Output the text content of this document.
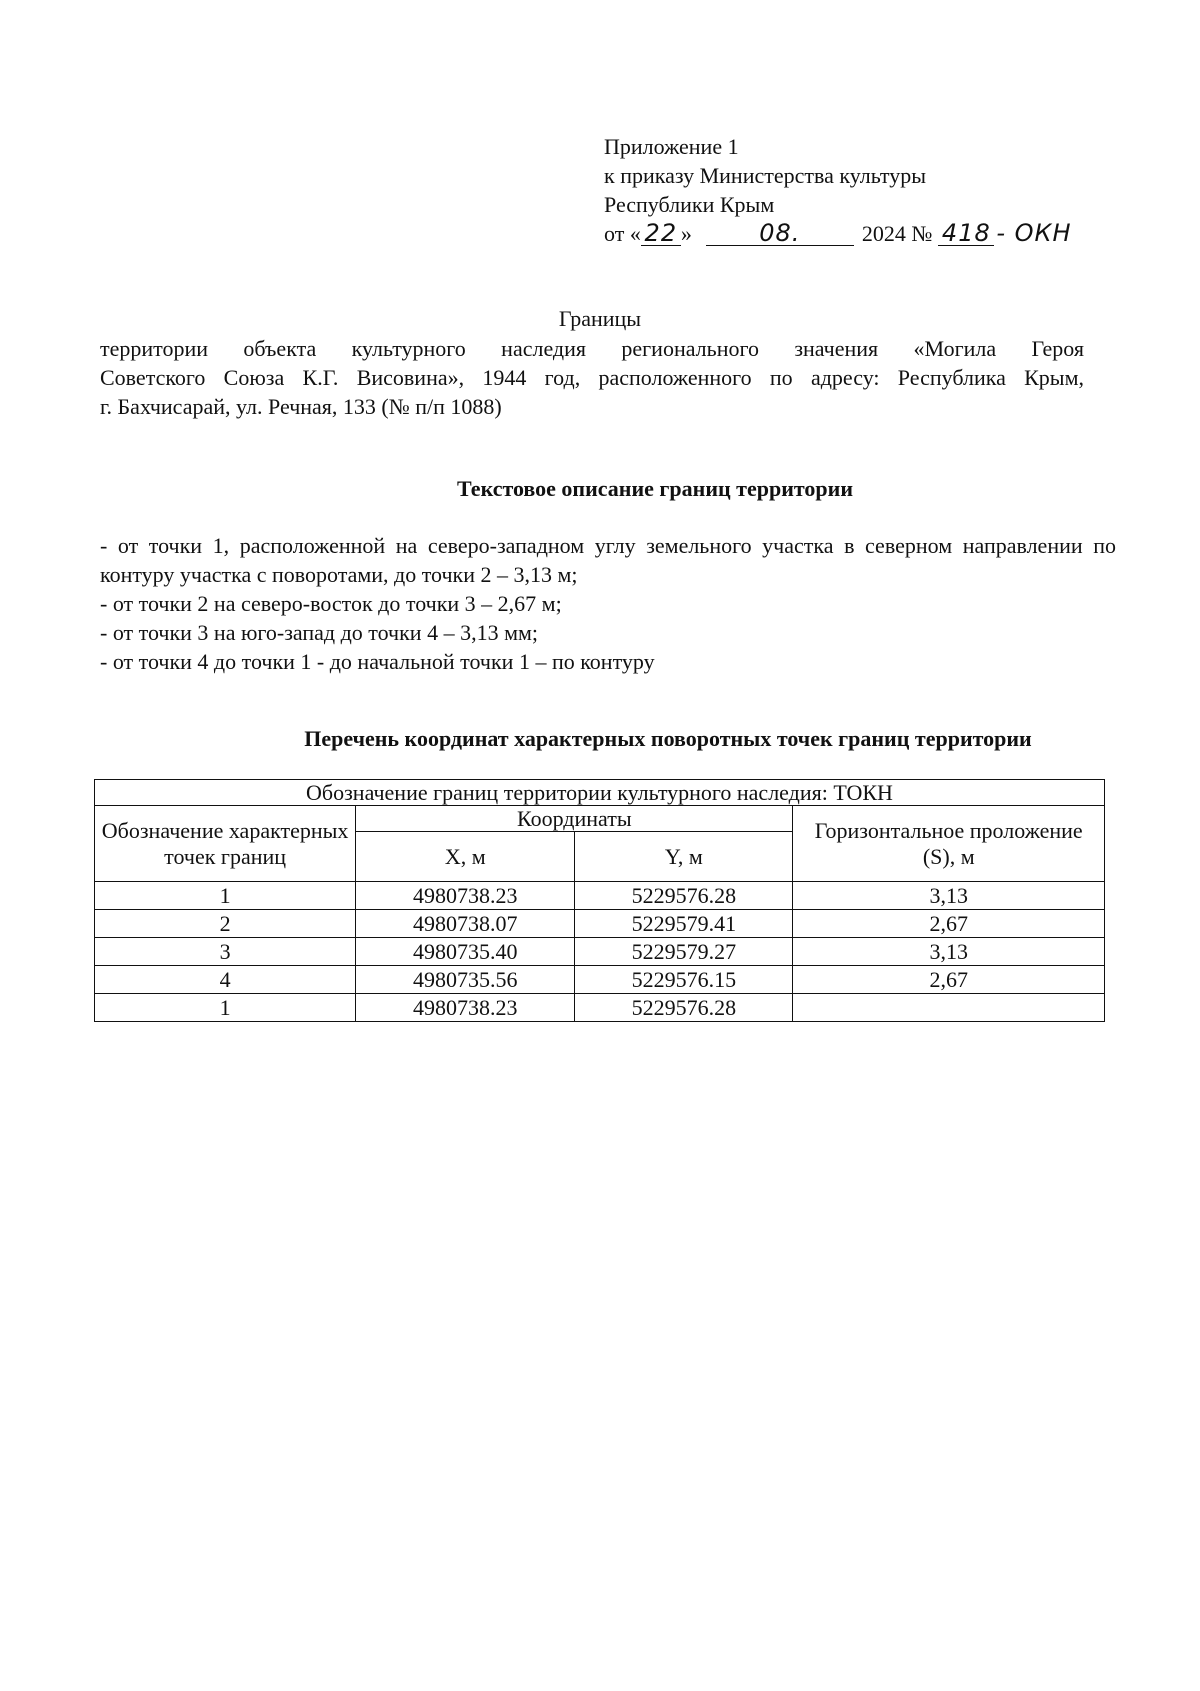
Приложение 1
к приказу Министерства культуры
Республики Крым
от « 22 »	08.	2024 № 418 - ОКН
Границы
территории объекта культурного наследия регионального значения «Могила Героя
Советского Союза К.Г. Висовина», 1944 год, расположенного по адресу: Республика Крым,
г. Бахчисарай, ул. Речная, 133 (№ п/п 1088)
Текстовое описание границ территории
- от точки 1, расположенной на северо-западном углу земельного участка в северном направлении по контуру участка с поворотами, до точки 2 – 3,13 м;
- от точки 2 на северо-восток до точки 3 – 2,67 м;
- от точки 3 на юго-запад до точки 4 – 3,13 мм;
- от точки 4 до точки 1 - до начальной точки 1 – по контуру
Перечень координат характерных поворотных точек границ территории
Обозначение границ территории культурного наследия: ТОКН			
Обозначение характерных точек границ	Координаты		Горизонтальное проложение (S), м
	X, м	Y, м	
1	4980738.23	5229576.28	3,13
2	4980738.07	5229579.41	2,67
3	4980735.40	5229579.27	3,13
4	4980735.56	5229576.15	2,67
1	4980738.23	5229576.28	
